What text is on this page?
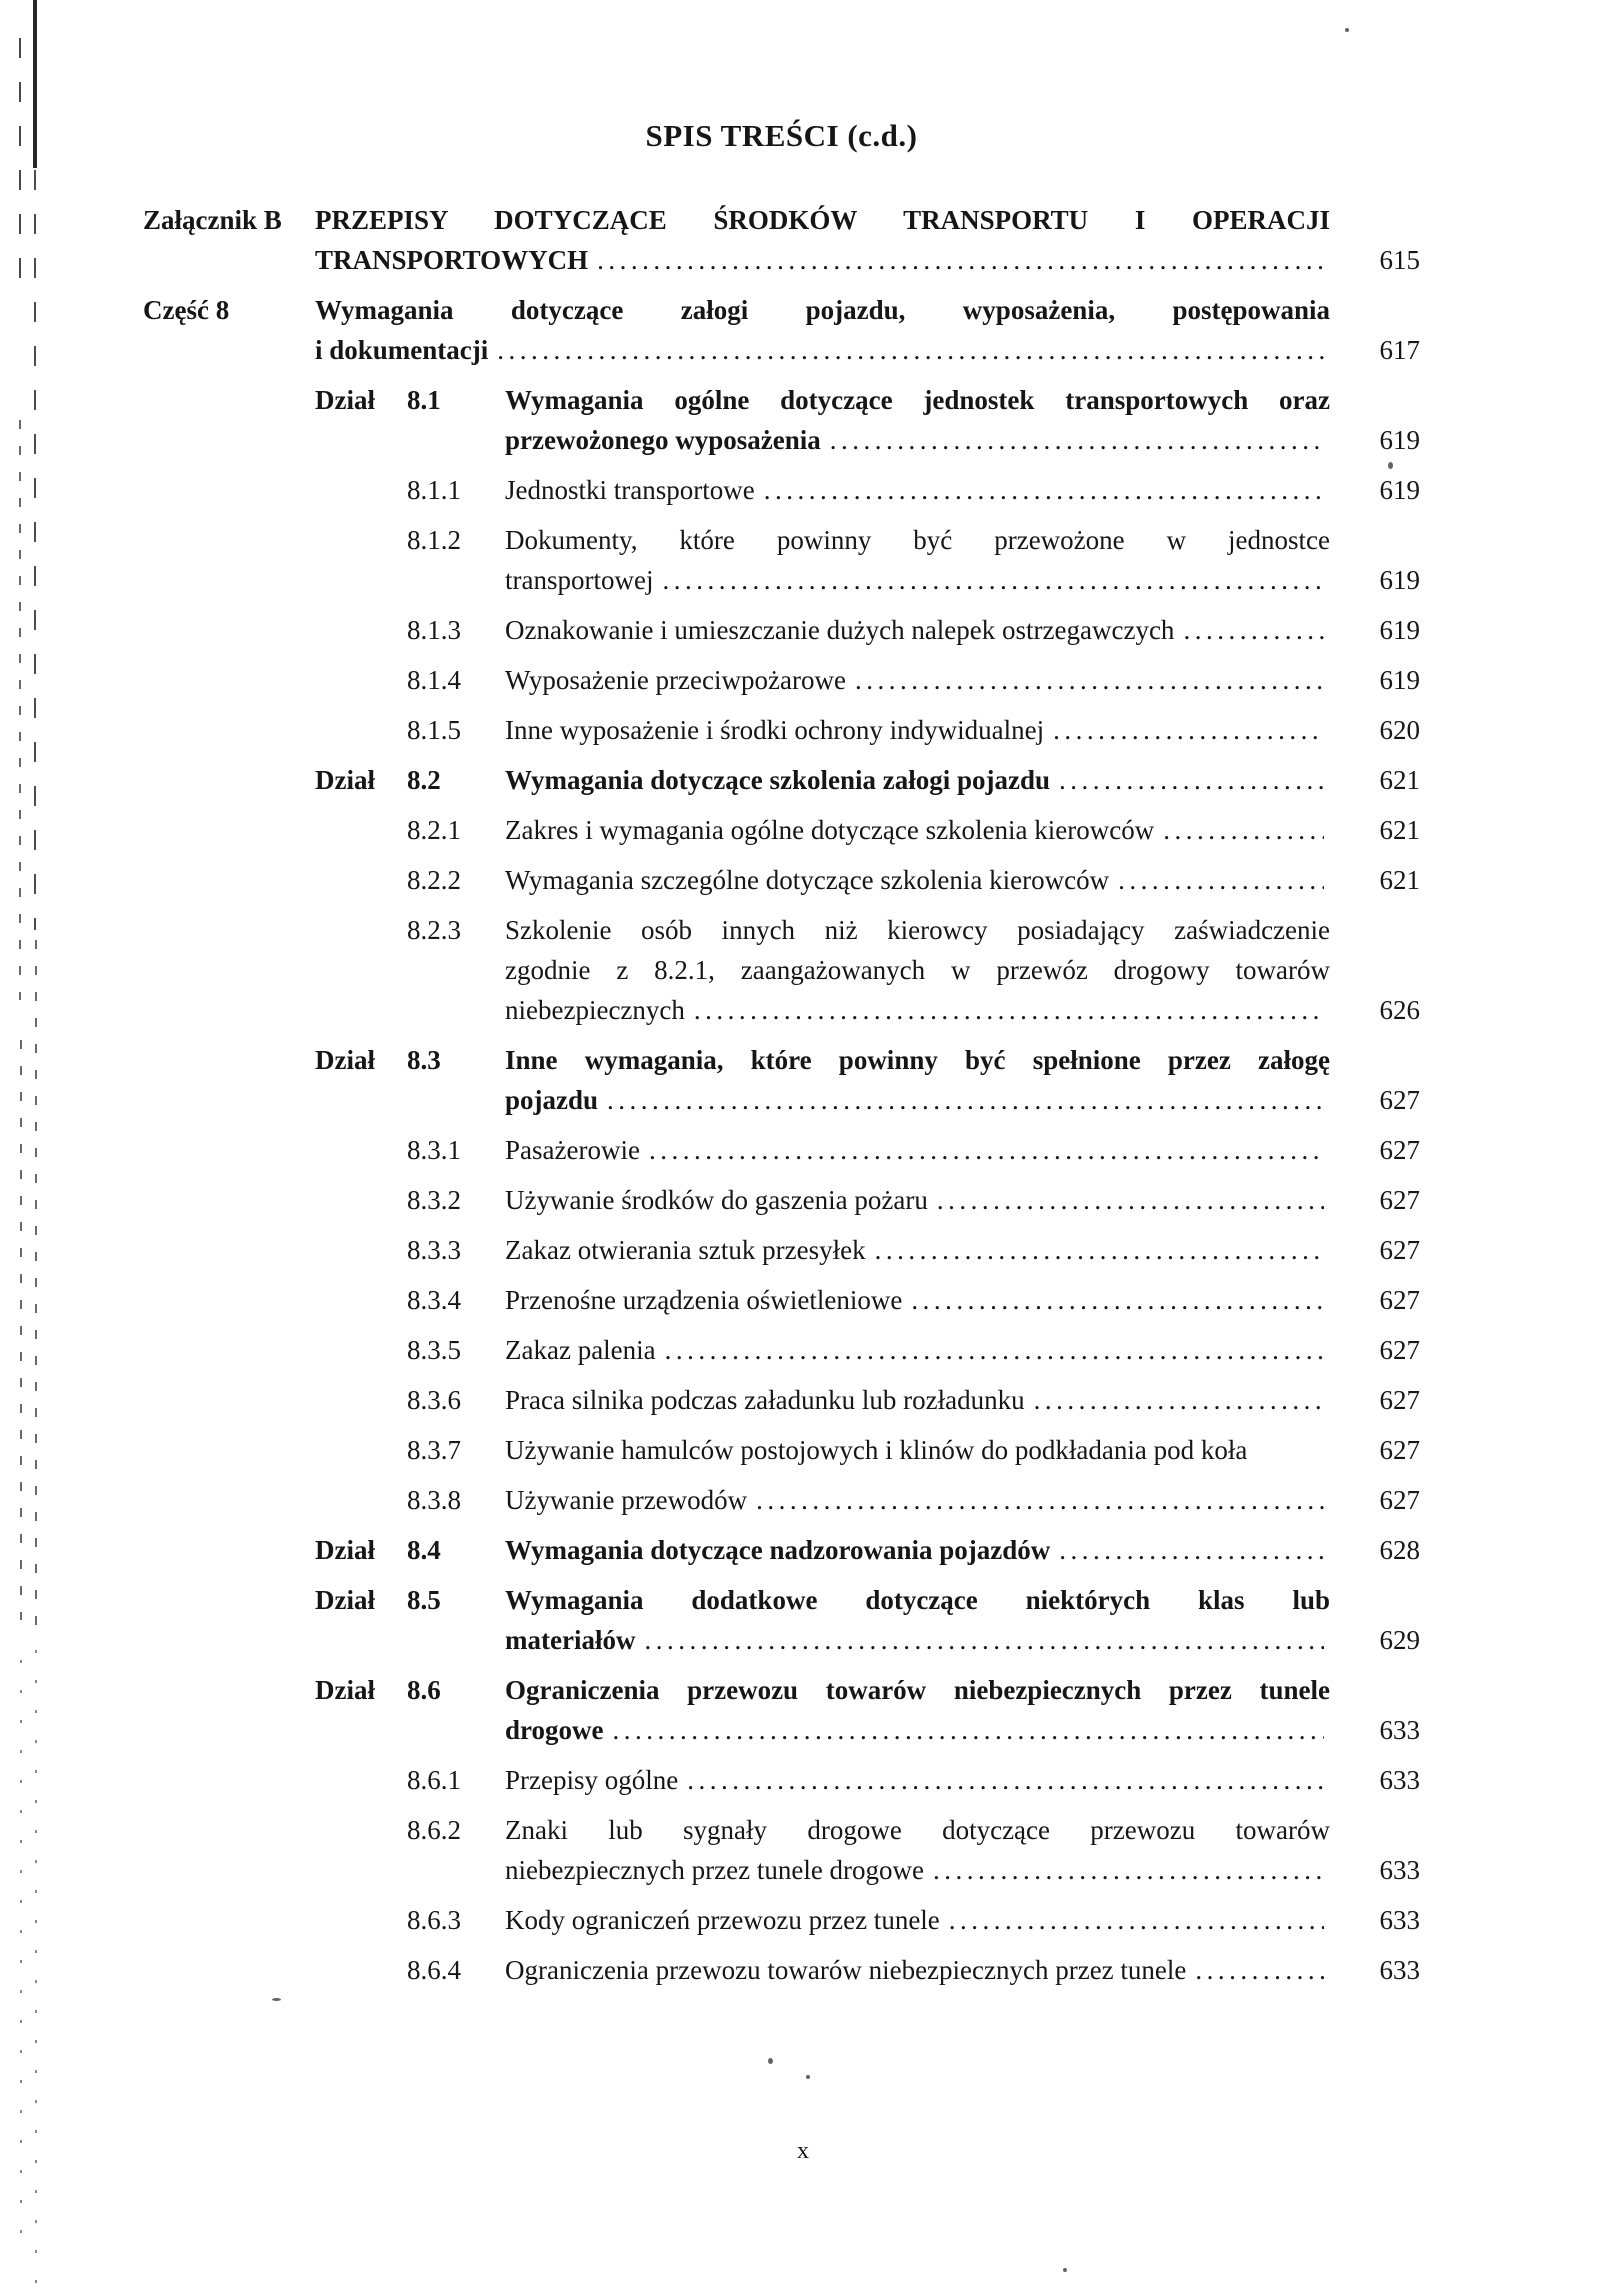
SPIS TREŚCI (c.d.)
Załącznik B	PRZEPISY DOTYCZĄCE ŚRODKÓW TRANSPORTU I OPERACJI
TRANSPORTOWYCH .....	615
Część 8	Wymagania dotyczące załogi pojazdu, wyposażenia, postępowania
i dokumentacji .....	617
Dział	8.1	Wymagania ogólne dotyczące jednostek transportowych oraz
przewożonego wyposażenia .....	619
8.1.1	Jednostki transportowe .....	619
8.1.2	Dokumenty, które powinny być przewożone w jednostce
transportowej .....	619
8.1.3	Oznakowanie i umieszczanie dużych nalepek ostrzegawczych .....	619
8.1.4	Wyposażenie przeciwpożarowe .....	619
8.1.5	Inne wyposażenie i środki ochrony indywidualnej .....	620
Dział	8.2	Wymagania dotyczące szkolenia załogi pojazdu .....	621
8.2.1	Zakres i wymagania ogólne dotyczące szkolenia kierowców .....	621
8.2.2	Wymagania szczególne dotyczące szkolenia kierowców .....	621
8.2.3	Szkolenie osób innych niż kierowcy posiadający zaświadczenie
zgodnie z 8.2.1, zaangażowanych w przewóz drogowy towarów
niebezpiecznych .....	626
Dział	8.3	Inne wymagania, które powinny być spełnione przez załogę
pojazdu .....	627
8.3.1	Pasażerowie .....	627
8.3.2	Używanie środków do gaszenia pożaru .....	627
8.3.3	Zakaz otwierania sztuk przesyłek .....	627
8.3.4	Przenośne urządzenia oświetleniowe .....	627
8.3.5	Zakaz palenia .....	627
8.3.6	Praca silnika podczas załadunku lub rozładunku .....	627
8.3.7	Używanie hamulców postojowych i klinów do podkładania pod koła	627
8.3.8	Używanie przewodów .....	627
Dział	8.4	Wymagania dotyczące nadzorowania pojazdów .....	628
Dział	8.5	Wymagania dodatkowe dotyczące niektórych klas lub
materiałów .....	629
Dział	8.6	Ograniczenia przewozu towarów niebezpiecznych przez tunele
drogowe .....	633
8.6.1	Przepisy ogólne .....	633
8.6.2	Znaki lub sygnały drogowe dotyczące przewozu towarów
niebezpiecznych przez tunele drogowe .....	633
8.6.3	Kody ograniczeń przewozu przez tunele .....	633
8.6.4	Ograniczenia przewozu towarów niebezpiecznych przez tunele .....	633
x
